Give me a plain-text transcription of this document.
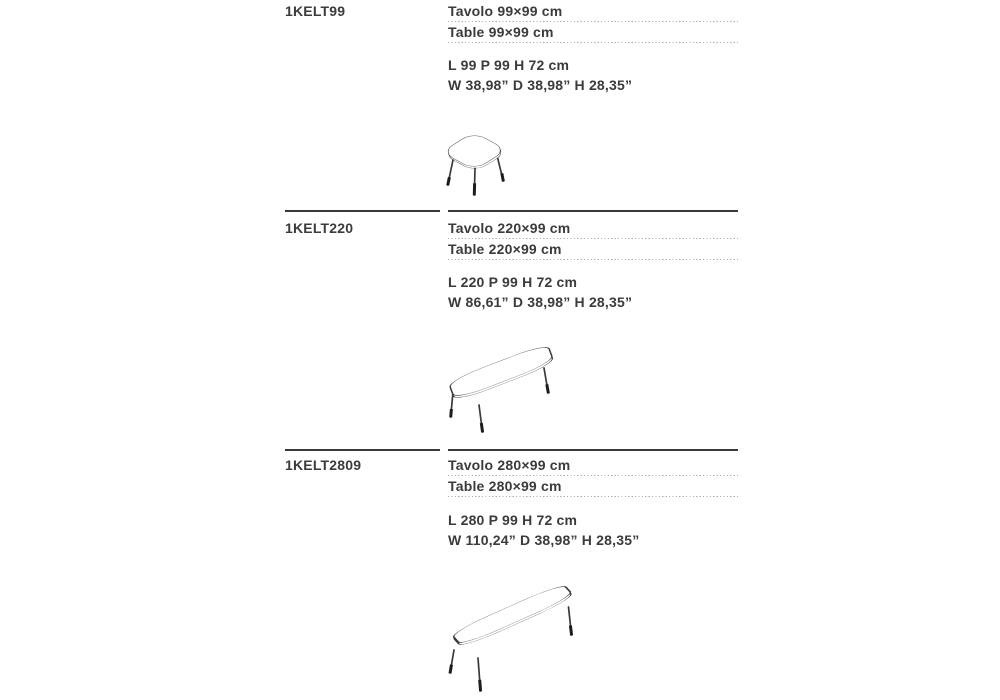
1KELT99	Tavolo 99×99 cm
Table 99×99 cm
L 99 P 99 H 72 cm
W 38,98” D 38,98” H 28,35”
1KELT220	Tavolo 220×99 cm
Table 220×99 cm
L 220 P 99 H 72 cm
W 86,61” D 38,98” H 28,35”
1KELT2809	Tavolo 280×99 cm
Table 280×99 cm
L 280 P 99 H 72 cm
W 110,24” D 38,98” H 28,35”
